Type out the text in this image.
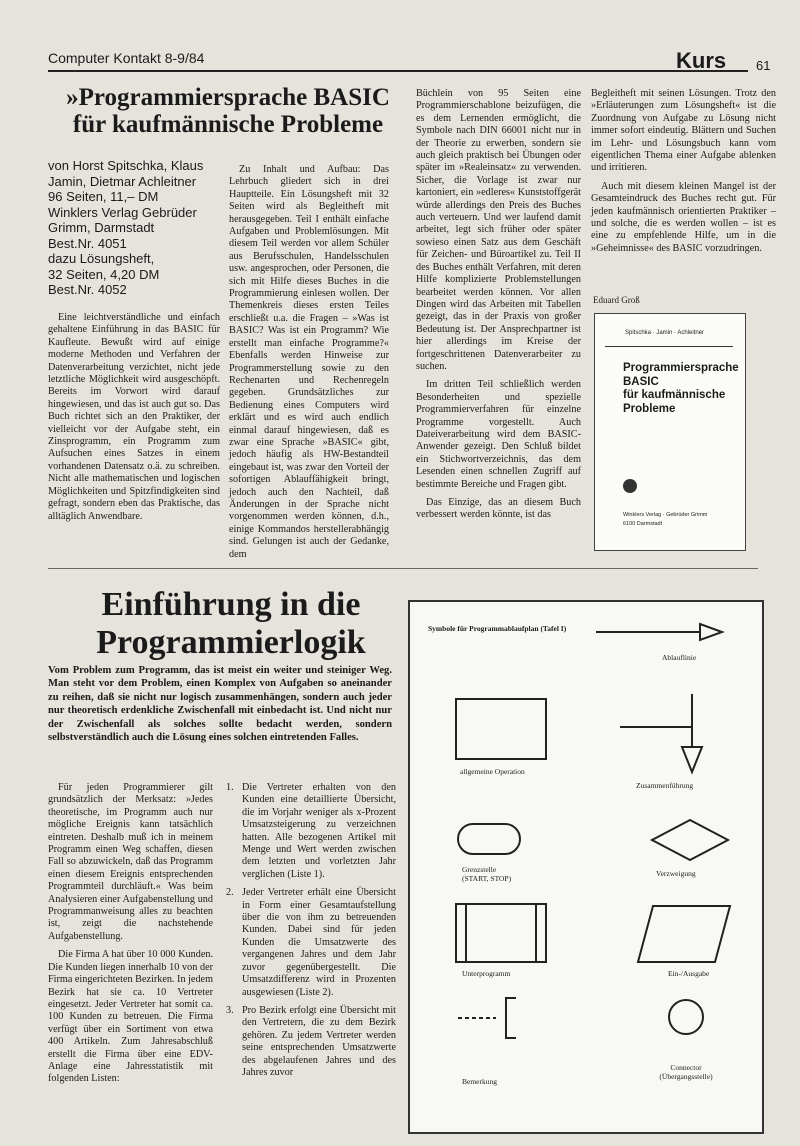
Computer Kontakt 8-9/84	Kurs 61
»Programmiersprache BASIC
für kaufmännische Probleme
von Horst Spitschka, Klaus
Jamin, Dietmar Achleitner
96 Seiten, 11,– DM
Winklers Verlag Gebrüder
Grimm, Darmstadt
Best.Nr. 4051
dazu Lösungsheft,
32 Seiten, 4,20 DM
Best.Nr. 4052

Eine leichtverständliche und einfach gehaltene Einführung in das BASIC für Kaufleute. Bewußt wird auf einige moderne Methoden und Verfahren der Datenverarbeitung verzichtet, nicht jede letztliche Möglichkeit wird ausgeschöpft. Bereits im Vorwort wird darauf hingewiesen, und das ist auch gut so. Das Buch richtet sich an den Praktiker, der vielleicht vor der Aufgabe steht, ein Zinsprogramm, ein Programm zum Aufsuchen eines Satzes in einem vorhandenen Datensatz o.ä. zu schreiben. Nicht alle mathematischen und logischen Möglichkeiten und Spitzfindigkeiten sind gefragt, sondern eben das Praktische, das alltäglich Anwendbare.

Zu Inhalt und Aufbau: Das Lehrbuch gliedert sich in drei Hauptteile. Ein Lösungsheft mit 32 Seiten wird als Begleitheft mit herausgegeben. Teil I enthält einfache Aufgaben und Problemlösungen. Mit diesem Teil werden vor allem Schüler aus Berufsschulen, Handelsschulen usw. angesprochen, oder Personen, die sich mit Hilfe dieses Buches in die Programmierung einlesen wollen. Der Themenkreis dieses ersten Teiles erschließt u.a. die Fragen – »Was ist BASIC? Was ist ein Programm? Wie erstellt man einfache Programme?« Ebenfalls werden Hinweise zur Programmerstellung sowie zu den Rechenarten und Rechenregeln gegeben. Grundsätzliches zur Bedienung eines Computers wird erklärt und es wird auch endlich einmal darauf hingewiesen, daß es zwar eine Sprache »BASIC« gibt, jedoch häufig als HW-Bestandteil eingebaut ist, was zwar den Vorteil der sofortigen Ablauffähigkeit bringt, jedoch auch den Nachteil, daß Änderungen in der Sprache nicht vorgenommen werden können, d.h., einige Kommandos herstellerabhängig sind. Gelungen ist auch der Gedanke, dem

Büchlein von 95 Seiten eine Programmierschablone beizufügen, die es dem Lernenden ermöglicht, die Symbole nach DIN 66001 nicht nur in der Theorie zu erwerben, sondern sie auch gleich praktisch bei Übungen oder später im »Realeinsatz« zu verwenden. Sicher, die Vorlage ist zwar nur kartoniert, ein »edleres« Kunststoffgerät würde allerdings den Preis des Buches auch verteuern. Und wer laufend damit arbeitet, legt sich früher oder später sowieso einen Satz aus dem Geschäft für Zeichen- und Büroartikel zu. Teil II des Buches enthält Verfahren, mit deren Hilfe komplizierte Problemstellungen bearbeitet werden können. Vor allen Dingen wird das Arbeiten mit Tabellen gezeigt, das in der Praxis von großer Bedeutung ist. Der Ansprechpartner ist hier allerdings im Kreise der fortgeschrittenen Datenverarbeiter zu suchen.

Im dritten Teil schließlich werden Besonderheiten und spezielle Programmierverfahren für einzelne Programme vorgestellt. Auch Dateiverarbeitung wird dem BASIC-Anwender gezeigt. Den Schluß bildet ein Stichwortverzeichnis, das dem Lesenden einen schnellen Zugriff auf bestimmte Bereiche und Fragen gibt.

Das Einzige, das an diesem Buch verbessert werden könnte, ist das

Begleitheft mit seinen Lösungen. Trotz den »Erläuterungen zum Lösungsheft« ist die Zuordnung von Aufgabe zu Lösung nicht immer sofort eindeutig. Blättern und Suchen im Lehr- und Lösungsbuch kann vom eigentlichen Thema einer Aufgabe ablenken und irritieren.

Auch mit diesem kleinen Mangel ist der Gesamteindruck des Buches recht gut. Für jeden kaufmännisch orientierten Praktiker – und solche, die es werden wollen – ist es eine zu empfehlende Hilfe, um in die »Geheimnisse« des BASIC vorzudringen.

Eduard Groß
Spitschka · Jamin · Achleitner
Programmiersprache
BASIC
für kaufmännische
Probleme
Winklers Verlag · Gebrüder Grimm
6100 Darmstadt
Einführung in die
Programmierlogik
Vom Problem zum Programm, das ist meist ein weiter und steiniger Weg. Man steht vor dem Problem, einen Komplex von Aufgaben so aneinander zu reihen, daß sie nicht nur logisch zusammenhängen, sondern auch jeder nur theoretisch erdenkliche Zwischenfall mit einbedacht ist. Und nicht nur der Zwischenfall als solches sollte bedacht werden, sondern selbstverständlich auch die Lösung eines solchen eintretenden Falles.

Für jeden Programmierer gilt grundsätzlich der Merksatz: »Jedes theoretische, im Programm auch nur mögliche Ereignis kann tatsächlich eintreten. Deshalb muß ich in meinem Programm einen Weg schaffen, diesen Fall so abzuwickeln, daß das Programm einen diesem Ereignis entsprechenden Programmteil durchläuft.« Was beim Analysieren einer Aufgabenstellung und Programmanweisung alles zu beachten ist, zeigt die nachstehende Aufgabenstellung.

Die Firma A hat über 10 000 Kunden. Die Kunden liegen innerhalb 10 von der Firma eingerichteten Bezirken. In jedem Bezirk hat sie ca. 10 Vertreter eingesetzt. Jeder Vertreter hat somit ca. 100 Kunden zu betreuen. Die Firma verfügt über ein Sortiment von etwa 400 Artikeln. Zum Jahresabschluß erstellt die Firma über eine EDV-Anlage eine Jahresstatistik mit folgenden Listen:

1. Die Vertreter erhalten von den Kunden eine detaillierte Übersicht, die im Vorjahr weniger als x-Prozent Umsatzsteigerung zu verzeichnen hatten. Alle bezogenen Artikel mit Menge und Wert werden zwischen dem letzten und vorletzten Jahr verglichen (Liste 1).
2. Jeder Vertreter erhält eine Übersicht in Form einer Gesamtaufstellung über die von ihm zu betreuenden Kunden. Dabei sind für jeden Kunden die Umsatzwerte des vergangenen Jahres und dem Jahr zuvor gegenübergestellt. Die Umsatzdifferenz wird in Prozenten ausgewiesen (Liste 2).
3. Pro Bezirk erfolgt eine Übersicht mit den Vertretern, die zu dem Bezirk gehören. Zu jedem Vertreter werden seine entsprechenden Umsatzwerte des abgelaufenen Jahres und des Jahres zuvor
Symbole für Programmablaufplan (Tafel I)
Ablauflinie
allgemeine Operation
Zusammenführung
Grenzstelle
(START, STOP)	Verzweigung
Unterprogramm	Ein-/Ausgabe
Bemerkung
Connector
(Übergangsstelle)
